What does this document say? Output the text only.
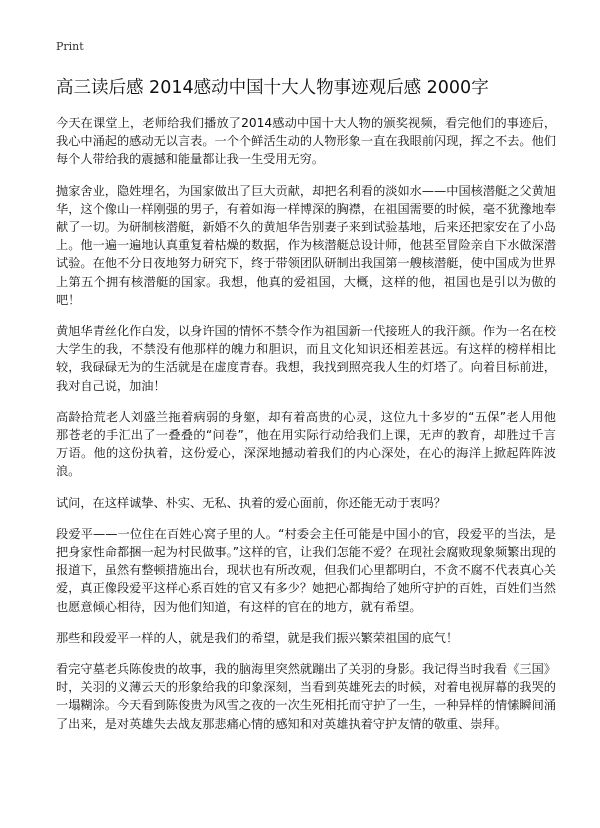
Print
高三读后感 2014感动中国十大人物事迹观后感 2000字

今天在课堂上，老师给我们播放了2014感动中国十大人物的颁奖视频，看完他们的事迹后，我心中涌起的感动无以言表。一个个鲜活生动的人物形象一直在我眼前闪现，挥之不去。他们每个人带给我的震撼和能量都让我一生受用无穷。

抛家舍业，隐姓埋名，为国家做出了巨大贡献，却把名利看的淡如水——中国核潜艇之父黄旭华，这个像山一样刚强的男子，有着如海一样博深的胸襟，在祖国需要的时候，毫不犹豫地奉献了一切。为研制核潜艇，新婚不久的黄旭华告别妻子来到试验基地，后来还把家安在了小岛上。他一遍一遍地认真重复着枯燥的数据，作为核潜艇总设计师，他甚至冒险亲自下水做深潜试验。在他不分日夜地努力研究下，终于带领团队研制出我国第一艘核潜艇，使中国成为世界上第五个拥有核潜艇的国家。我想，他真的爱祖国，大概，这样的他，祖国也是引以为傲的吧！

黄旭华青丝化作白发，以身许国的情怀不禁令作为祖国新一代接班人的我汗颜。作为一名在校大学生的我，不禁没有他那样的魄力和胆识，而且文化知识还相差甚远。有这样的榜样相比较，我碌碌无为的生活就是在虚度青春。我想，我找到照亮我人生的灯塔了。向着目标前进，我对自己说，加油！

高龄拾荒老人刘盛兰拖着病弱的身躯，却有着高贵的心灵，这位九十多岁的“五保”老人用他那苍老的手汇出了一叠叠的“问卷”，他在用实际行动给我们上课，无声的教育，却胜过千言万语。他的这份执着，这份爱心，深深地撼动着我们的内心深处，在心的海洋上掀起阵阵波浪。

试问，在这样诚挚、朴实、无私、执着的爱心面前，你还能无动于衷吗？

段爱平——一位住在百姓心窝子里的人。“村委会主任可能是中国小的官，段爱平的当法，是把身家性命都捆一起为村民做事。”这样的官，让我们怎能不爱？在现社会腐败现象频繁出现的报道下，虽然有整顿措施出台，现状也有所改观，但我们心里都明白，不贪不腐不代表真心关爱，真正像段爱平这样心系百姓的官又有多少？她把心都掏给了她所守护的百姓，百姓们当然也愿意倾心相待，因为他们知道，有这样的官在的地方，就有希望。

那些和段爱平一样的人，就是我们的希望，就是我们振兴繁荣祖国的底气！

看完守墓老兵陈俊贵的故事，我的脑海里突然就蹦出了关羽的身影。我记得当时我看《三国》时，关羽的义薄云天的形象给我的印象深刻，当看到英雄死去的时候，对着电视屏幕的我哭的一塌糊涂。今天看到陈俊贵为风雪之夜的一次生死相托而守护了一生，一种异样的情愫瞬间涌了出来，是对英雄失去战友那悲痛心情的感知和对英雄执着守护友情的敬重、崇拜。
